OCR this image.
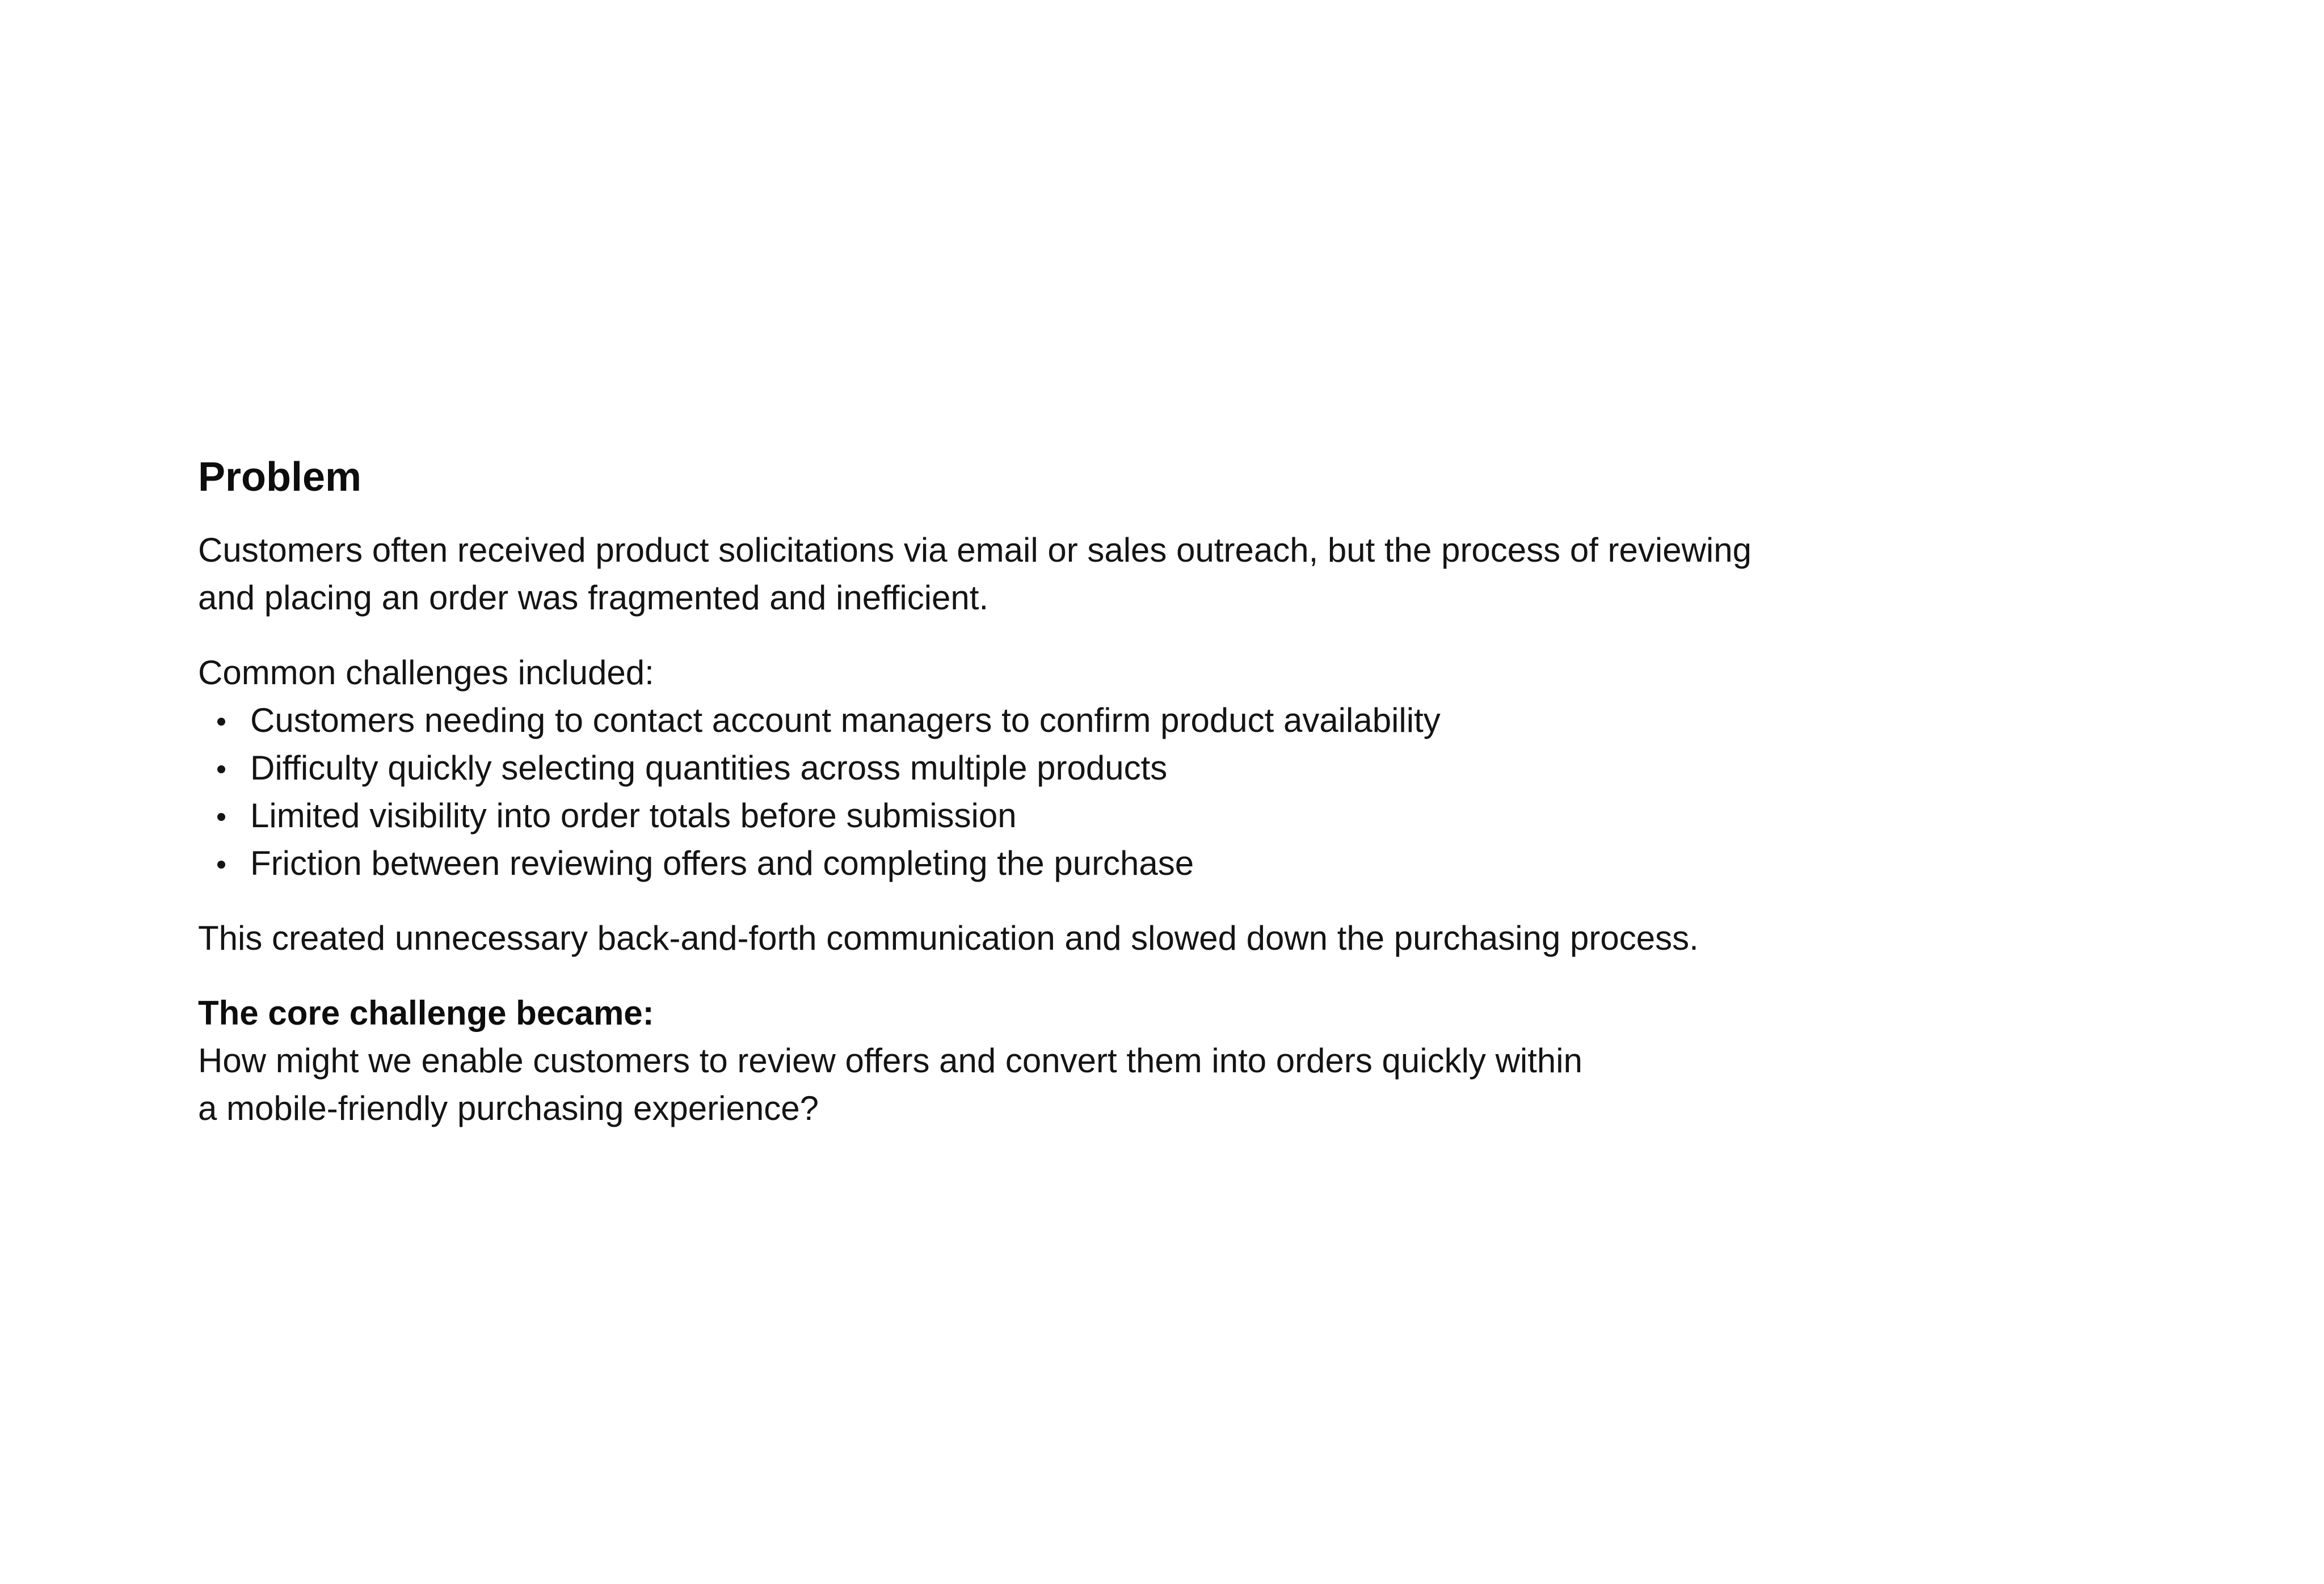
Problem

Customers often received product solicitations via email or sales outreach, but the process of reviewing
and placing an order was fragmented and inefficient.

Common challenges included:

Customers needing to contact account managers to confirm product availability
Difficulty quickly selecting quantities across multiple products
Limited visibility into order totals before submission
Friction between reviewing offers and completing the purchase

This created unnecessary back-and-forth communication and slowed down the purchasing process.

The core challenge became:

How might we enable customers to review offers and convert them into orders quickly within
a mobile-friendly purchasing experience?
